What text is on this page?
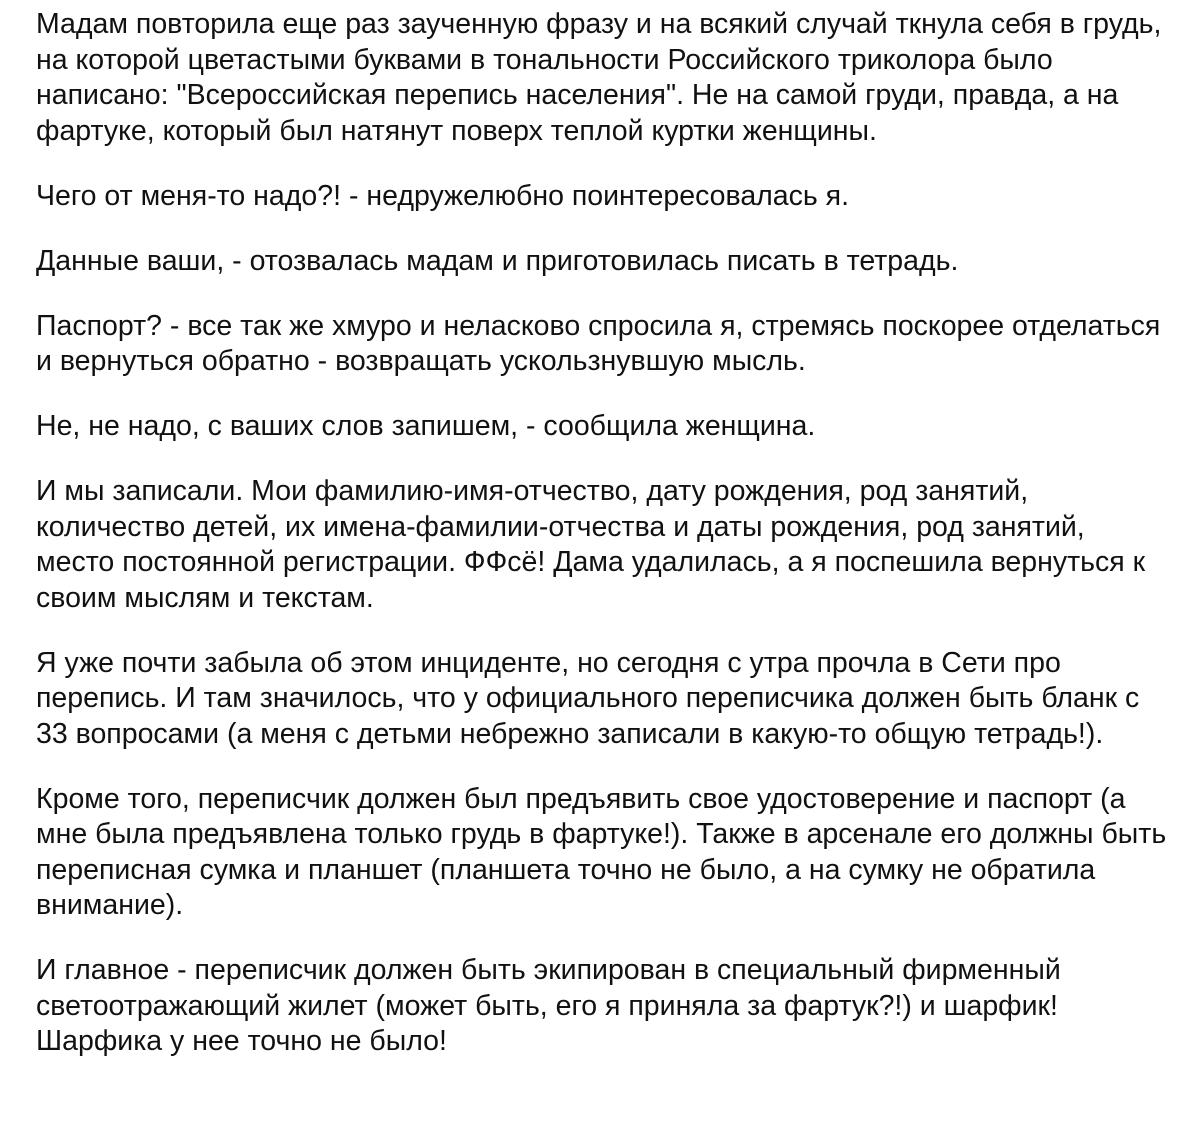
Мадам повторила еще раз заученную фразу и на всякий случай ткнула себя в грудь, на которой цветастыми буквами в тональности Российского триколора было написано: "Всероссийская перепись населения". Не на самой груди, правда, а на фартуке, который был натянут поверх теплой куртки женщины.

Чего от меня-то надо?! - недружелюбно поинтересовалась я.

Данные ваши, - отозвалась мадам и приготовилась писать в тетрадь.

Паспорт? - все так же хмуро и неласково спросила я, стремясь поскорее отделаться и вернуться обратно - возвращать ускользнувшую мысль.

Не, не надо, с ваших слов запишем, - сообщила женщина.

И мы записали. Мои фамилию-имя-отчество, дату рождения, род занятий, количество детей, их имена-фамилии-отчества и даты рождения, род занятий, место постоянной регистрации. ФФсё! Дама удалилась, а я поспешила вернуться к своим мыслям и текстам.

Я уже почти забыла об этом инциденте, но сегодня с утра прочла в Сети про перепись. И там значилось, что у официального переписчика должен быть бланк с 33 вопросами (а меня с детьми небрежно записали в какую-то общую тетрадь!).

Кроме того, переписчик должен был предъявить свое удостоверение и паспорт (а мне была предъявлена только грудь в фартуке!). Также в арсенале его должны быть переписная сумка и планшет (планшета точно не было, а на сумку не обратила внимание).

И главное - переписчик должен быть экипирован в специальный фирменный светоотражающий жилет (может быть, его я приняла за фартук?!) и шарфик! Шарфика у нее точно не было!
